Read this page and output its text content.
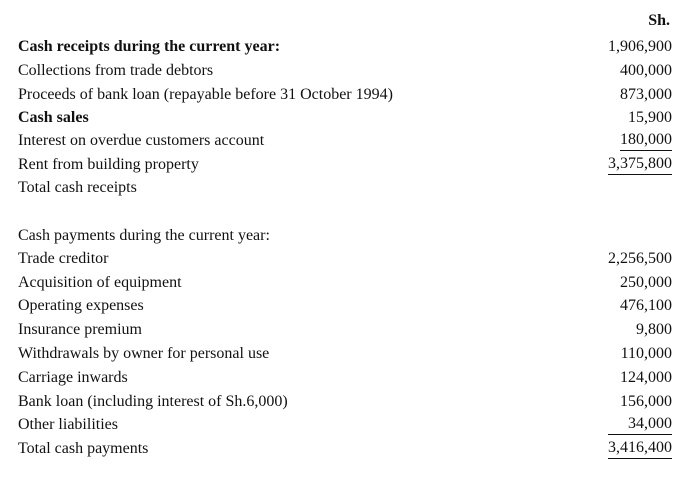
Sh.
Cash receipts during the current year:	1,906,900
Collections from trade debtors	400,000
Proceeds of bank loan (repayable before 31 October 1994)	873,000
Cash sales	15,900
Interest on overdue customers account	180,000
Rent from building property	3,375,800
Total cash receipts
Cash payments during the current year:
Trade creditor	2,256,500
Acquisition of equipment	250,000
Operating expenses	476,100
Insurance premium	9,800
Withdrawals by owner for personal use	110,000
Carriage inwards	124,000
Bank loan (including interest of Sh.6,000)	156,000
Other liabilities	34,000
Total cash payments	3,416,400
